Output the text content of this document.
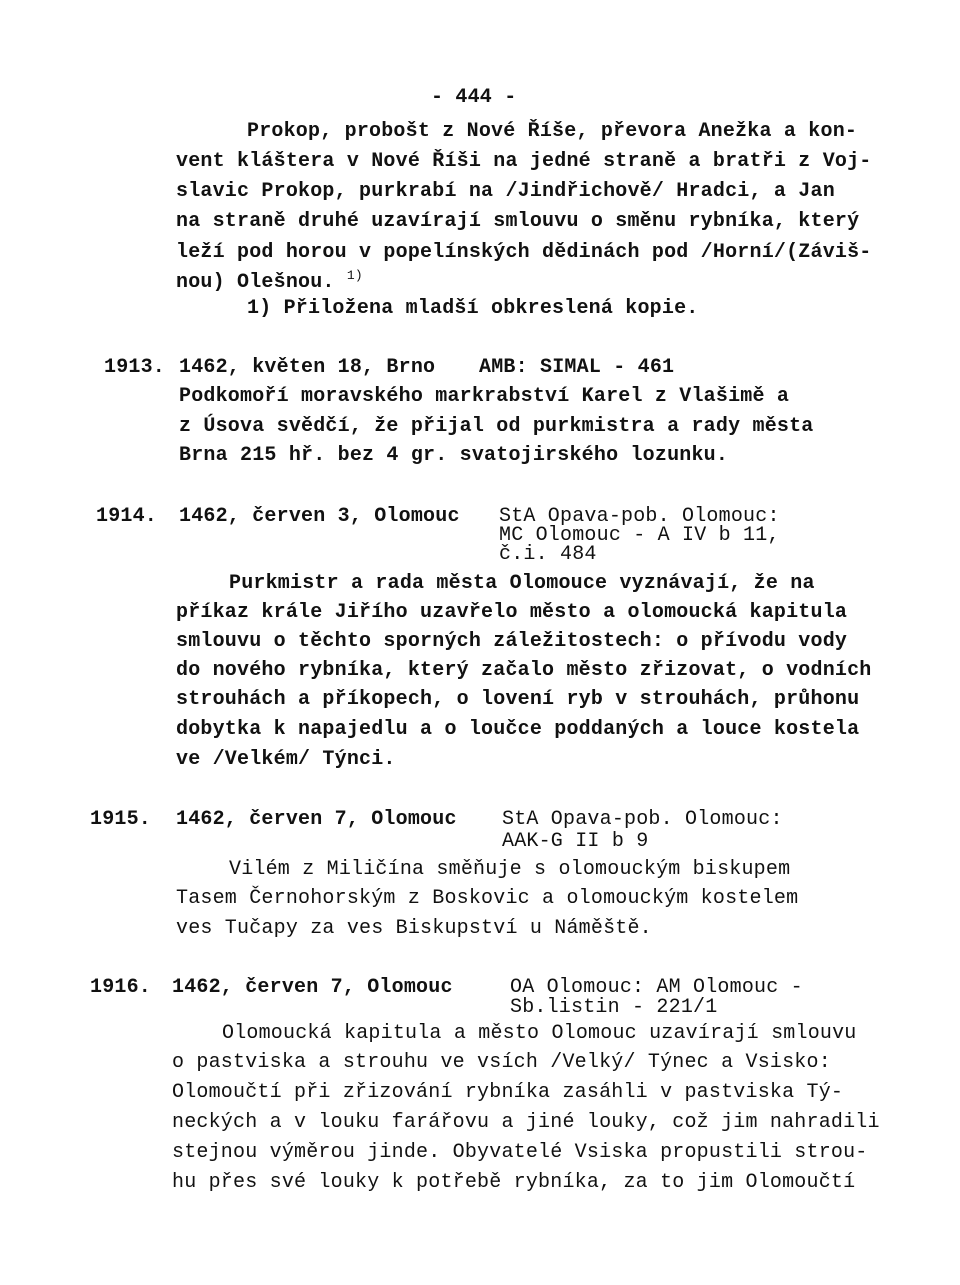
- 444 -
Prokop, probošt z Nové Říše, převora Anežka a kon-
vent kláštera v Nové Říši na jedné straně a bratři z Voj-
slavic Prokop, purkrabí na /Jindřichově/ Hradci, a Jan
na straně druhé uzavírají smlouvu o směnu rybníka, který
leží pod horou v popelínských dědinách pod /Horní/(Záviš-
nou) Olešnou. $^{1)}$
1) Přiložena mladší obkreslená kopie.
1913. 1462, květen 18, Brno AMB: SIMAL - 461
Podkomoří moravského markrabství Karel z Vlašimě a
z Úsova svědčí, že přijal od purkmistra a rady města
Brna 215 hř. bez 4 gr. svatojirského lozunku.
1914. 1462, červen 3, Olomouc StA Opava-pob. Olomouc:
MC Olomouc - A IV b 11,
č.i. 484
Purkmistr a rada města Olomouce vyznávají, že na
příkaz krále Jiřího uzavřelo město a olomoucká kapitula
smlouvu o těchto sporných záležitostech: o přívodu vody
do nového rybníka, který začalo město zřizovat, o vodních
strouhách a příkopech, o lovení ryb v strouhách, průhonu
dobytka k napajedlu a o loučce poddaných a louce kostela
ve /Velkém/ Týnci.
1915. 1462, červen 7, Olomouc StA Opava-pob. Olomouc:
AAK-G II b 9
Vilém z Miličína směňuje s olomouckým biskupem
Tasem Černohorským z Boskovic a olomouckým kostelem
ves Tučapy za ves Biskupství u Náměště.
1916. 1462, červen 7, Olomouc	OA Olomouc: AM Olomouc -
Sb.listin - 221/1
Olomoucká kapitula a město Olomouc uzavírají smlouvu
o pastviska a strouhu ve vsích /Velký/ Týnec a Vsisko:
Olomoučtí při zřizování rybníka zasáhli v pastviska Tý-
neckých a v louku farářovu a jiné louky, což jim nahradili
stejnou výměrou jinde. Obyvatelé Vsiska propustili strou-
hu přes své louky k potřebě rybníka, za to jim Olomoučtí
